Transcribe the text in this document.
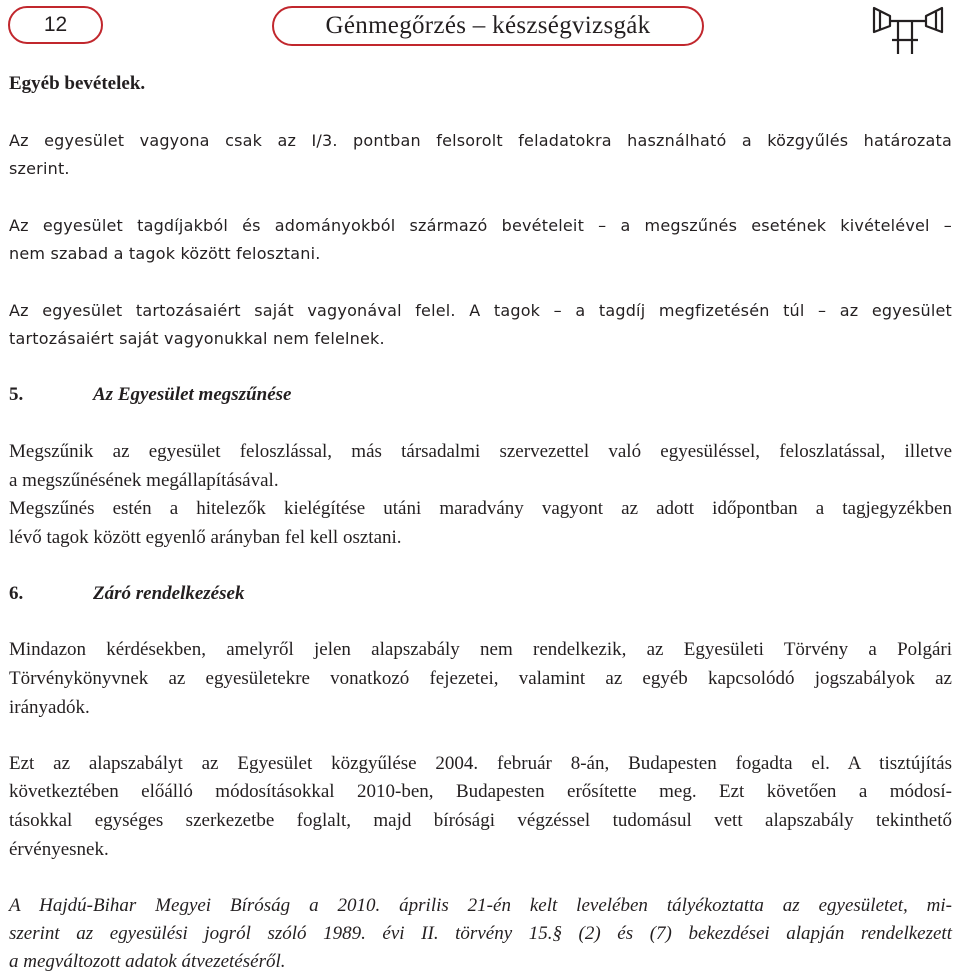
12	Génmegőrzés – készségvizsgák
Egyéb bevételek.
Az egyesület vagyona csak az I/3. pontban felsorolt feladatokra használható a közgyűlés határozata
szerint.
Az egyesület tagdíjakból és adományokból származó bevételeit – a megszűnés esetének kivételével –
nem szabad a tagok között felosztani.
Az egyesület tartozásaiért saját vagyonával felel. A tagok – a tagdíj megfizetésén túl – az egyesület
tartozásaiért saját vagyonukkal nem felelnek.
5.	Az Egyesület megszűnése
Megszűnik az egyesület feloszlással, más társadalmi szervezettel való egyesüléssel, feloszlatással, illetve
a megszűnésének megállapításával.
Megszűnés estén a hitelezők kielégítése utáni maradvány vagyont az adott időpontban a tagjegyzékben
lévő tagok között egyenlő arányban fel kell osztani.
6.	Záró rendelkezések
Mindazon kérdésekben, amelyről jelen alapszabály nem rendelkezik, az Egyesületi Törvény a Polgári
Törvénykönyvnek az egyesületekre vonatkozó fejezetei, valamint az egyéb kapcsolódó jogszabályok az
irányadók.
Ezt az alapszabályt az Egyesület közgyűlése 2004. február 8-án, Budapesten fogadta el. A tisztújítás
következtében előálló módosításokkal 2010-ben, Budapesten erősítette meg. Ezt követően a módosí-
tásokkal egységes szerkezetbe foglalt, majd bírósági végzéssel tudomásul vett alapszabály tekinthető
érvényesnek.
A Hajdú-Bihar Megyei Bíróság a 2010. április 21-én kelt levelében tályékoztatta az egyesületet, mi-
szerint az egyesülési jogról szóló 1989. évi II. törvény 15.§ (2) és (7) bekezdései alapján rendelkezett
a megváltozott adatok átvezetéséről.
